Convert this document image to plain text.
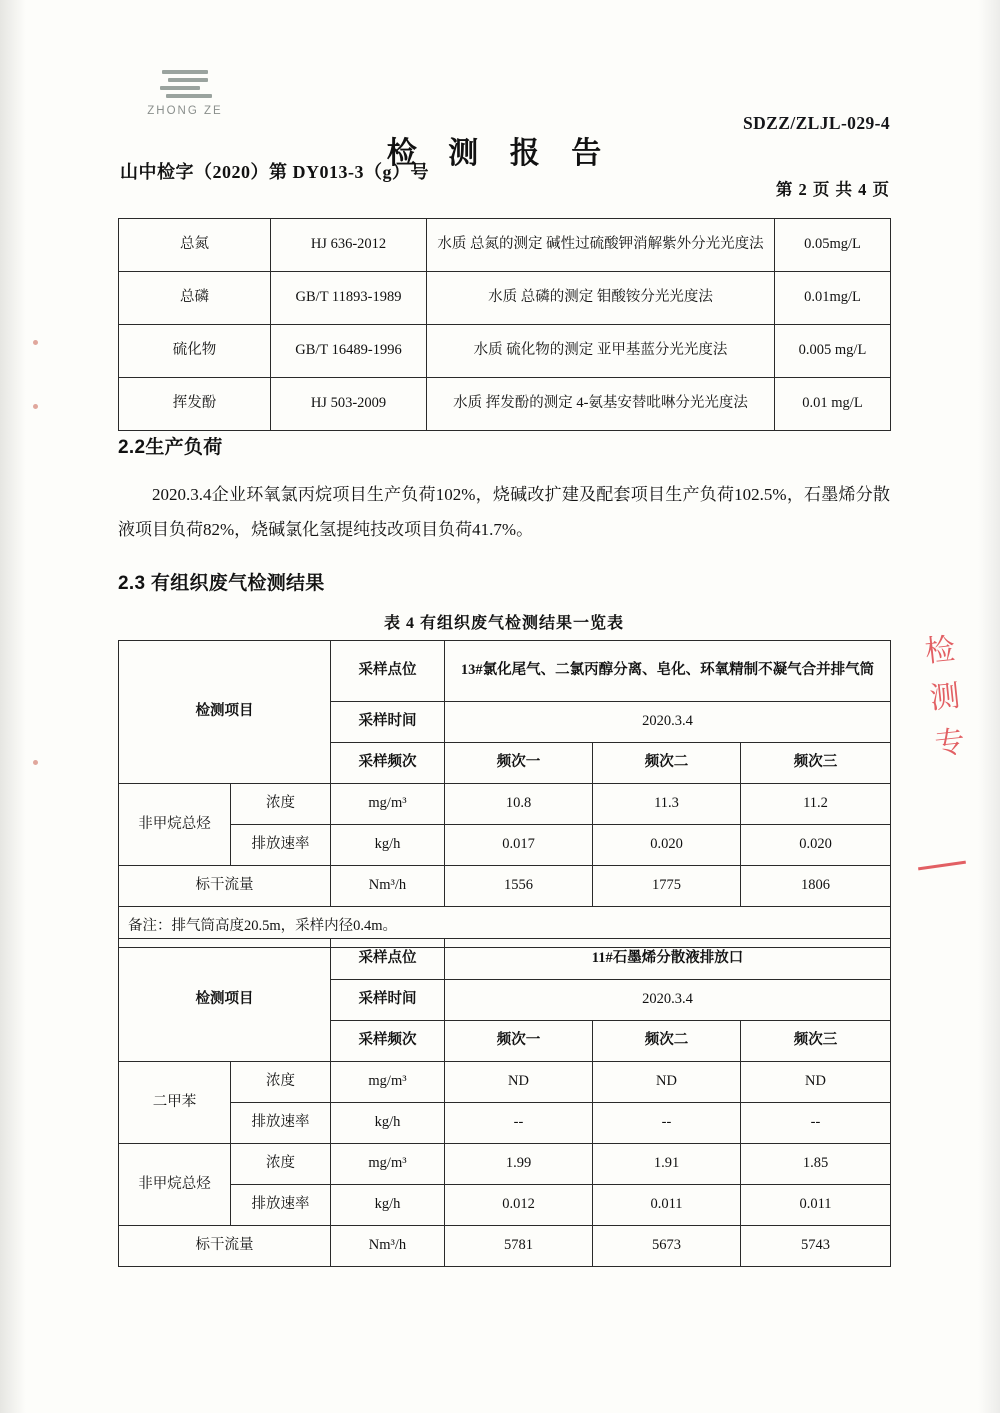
ZHONG ZE
SDZZ/ZLJL-029-4
检 测 报 告
山中检字（2020）第 DY013-3（g）号
第 2 页 共 4 页
总氮	HJ 636-2012	水质 总氮的测定 碱性过硫酸钾消解紫外分光光度法	0.05mg/L
总磷	GB/T 11893-1989	水质 总磷的测定 钼酸铵分光光度法	0.01mg/L
硫化物	GB/T 16489-1996	水质 硫化物的测定 亚甲基蓝分光光度法	0.005 mg/L
挥发酚	HJ 503-2009	水质 挥发酚的测定 4-氨基安替吡啉分光光度法	0.01 mg/L
2.2生产负荷
2020.3.4企业环氧氯丙烷项目生产负荷102%，烧碱改扩建及配套项目生产负荷102.5%，石墨烯分散液项目负荷82%，烧碱氯化氢提纯技改项目负荷41.7%。
2.3 有组织废气检测结果
表 4 有组织废气检测结果一览表
检测项目		采样点位	13#氯化尾气、二氯丙醇分离、皂化、环氧精制不凝气合并排气筒		
		采样时间	2020.3.4		
		采样频次	频次一	频次二	频次三
非甲烷总烃	浓度	mg/m³	10.8	11.3	11.2
	排放速率	kg/h	0.017	0.020	0.020
标干流量		Nm³/h	1556	1775	1806
备注：排气筒高度20.5m，采样内径0.4m。					
检测项目		采样点位	11#石墨烯分散液排放口		
		采样时间	2020.3.4		
		采样频次	频次一	频次二	频次三
二甲苯	浓度	mg/m³	ND	ND	ND
	排放速率	kg/h	--	--	--
非甲烷总烃	浓度	mg/m³	1.99	1.91	1.85
	排放速率	kg/h	0.012	0.011	0.011
标干流量		Nm³/h	5781	5673	5743
检 测 专
